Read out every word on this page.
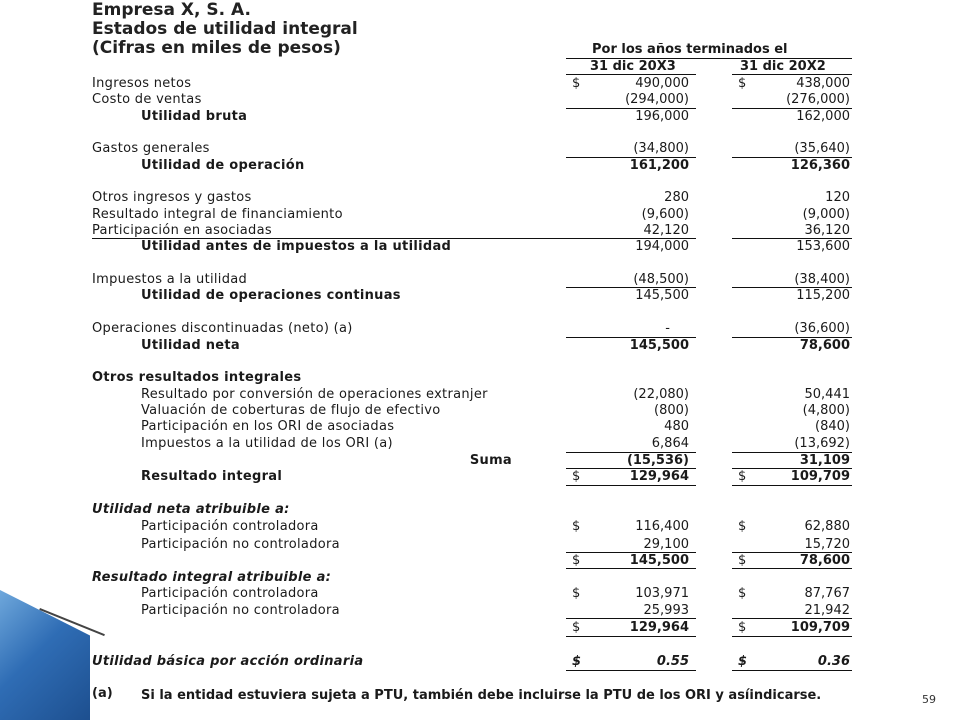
Empresa X, S. A.
Estados de utilidad integral
(Cifras en miles de pesos)	Por los años terminados el
31 dic 20X3	31 dic 20X2
Ingresos netos	$	490,000	$	438,000
Costo de ventas	(294,000)	(276,000)
Utilidad bruta	196,000	162,000
Gastos generales	(34,800)	(35,640)
Utilidad de operación	161,200	126,360
Otros ingresos y gastos	280	120
Resultado integral de financiamiento	(9,600)	(9,000)
Participación en asociadas	42,120	36,120
Utilidad antes de impuestos a la utilidad	194,000	153,600
Impuestos a la utilidad	(48,500)	(38,400)
Utilidad de operaciones continuas	145,500	115,200
Operaciones discontinuadas (neto) (a)	-	(36,600)
Utilidad neta	145,500	78,600
Otros resultados integrales
Resultado por conversión de operaciones extranjer	(22,080)	50,441
Valuación de coberturas de flujo de efectivo	(800)	(4,800)
Participación en los ORI de asociadas	480	(840)
Impuestos a la utilidad de los ORI (a)	6,864	(13,692)
Suma	(15,536)	31,109
Resultado integral	$	129,964	$	109,709
Utilidad neta atribuible a:
Participación controladora	$	116,400	$	62,880
Participación no controladora	29,100	15,720
$	145,500	$	78,600
Resultado integral atribuible a:
Participación controladora	$	103,971	$	87,767
Participación no controladora	25,993	21,942
$	129,964	$	109,709
Utilidad básica por acción ordinaria	$	0.55	$	0.36
(a) Si la entidad estuviera sujeta a PTU, también debe incluirse la PTU de los ORI y asíindicarse.	59
